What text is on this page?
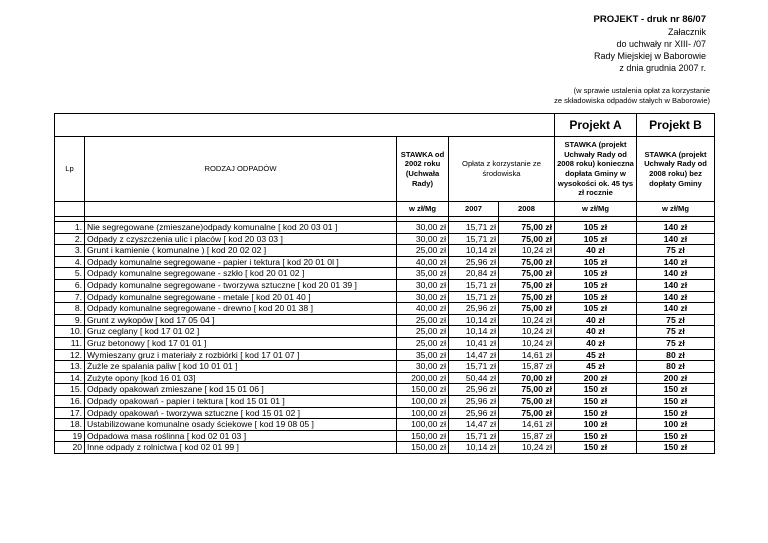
PROJEKT - druk nr 86/07
Załacznik
do uchwały nr XIII- /07
Rady Miejskiej w Baborowie
z dnia grudnia 2007 r.
(w sprawie ustalenia opłat za korzystanie
ze składowiska odpadów stałych w Baborowie)
					Projekt A	Projekt B
Lp	RODZAJ ODPADÓW	STAWKA od 2002 roku (Uchwała Rady)	Opłata z korzystanie ze środowiska		STAWKA (projekt Uchwały Rady od 2008 roku) konieczna dopłata Gminy w wysokości ok. 45 tys zł rocznie	STAWKA (projekt Uchwały Rady od 2008 roku) bez dopłaty Gminy
		w zł/Mg	2007	2008	w zł/Mg	w zł/Mg

1.	Nie segregowane (zmieszane)odpady komunalne [ kod 20 03 01 ]	30,00 zł	15,71 zł	75,00 zł	105 zł	140 zł
2.	Odpady z czyszczenia ulic i placów [ kod 20 03 03 ]	30,00 zł	15,71 zł	75,00 zł	105 zł	140 zł
3.	Grunt i kamienie ( komunalne ) [ kod 20 02 02 ]	25,00 zł	10,14 zł	10,24 zł	40 zł	75 zł
4.	Odpady komunalne segregowane - papier i tektura [ kod 20 01 0l ]	40,00 zł	25,96 zł	75,00 zł	105 zł	140 zł
5.	Odpady komunalne segregowane - szkło [ kod 20 01 02 ]	35,00 zł	20,84 zł	75,00 zł	105 zł	140 zł
6.	Odpady komunalne segregowane - tworzywa sztuczne [ kod 20 01 39 ]	30,00 zł	15,71 zł	75,00 zł	105 zł	140 zł
7.	Odpady komunalne segregowane - metale [ kod 20 01 40 ]	30,00 zł	15,71 zł	75,00 zł	105 zł	140 zł
8.	Odpady komunalne segregowane - drewno [ kod 20 01 38 ]	40,00 zł	25,96 zł	75,00 zł	105 zł	140 zł
9.	Grunt z wykopów [ kod 17 05 04 ]	25,00 zł	10,14 zł	10,24 zł	40 zł	75 zł
10.	Gruz ceglany [ kod 17 01 02 ]	25,00 zł	10,14 zł	10,24 zł	40 zł	75 zł
11.	Gruz betonowy [ kod 17 01 01 ]	25,00 zł	10,41 zł	10,24 zł	40 zł	75 zł
12.	Wymieszany gruz i materiały z rozbiórki [ kod 17 01 07 ]	35,00 zł	14,47 zł	14,61 zł	45 zł	80 zł
13.	Żużle ze spalania paliw [ kod 10 01 01 ]	30,00 zł	15,71 zł	15,87 zł	45 zł	80 zł
14.	Zużyte opony [kod 16 01 03]	200,00 zł	50,44 zł	70,00 zł	200 zł	200 zł
15.	Odpady opakowań zmieszane [ kod 15 01 06 ]	150,00 zł	25,96 zł	75,00 zł	150 zł	150 zł
16.	Odpady opakowań - papier i tektura [ kod 15 01 01 ]	100,00 zł	25,96 zł	75,00 zł	150 zł	150 zł
17.	Odpady opakowań - tworzywa sztuczne [ kod 15 01 02 ]	100,00 zł	25,96 zł	75,00 zł	150 zł	150 zł
18.	Ustabilizowane komunalne osady ściekowe [ kod 19 08 05 ]	100,00 zł	14,47 zł	14,61 zł	100 zł	100 zł
19	Odpadowa masa roślinna [ kod 02 01 03 ]	150,00 zł	15,71 zł	15,87 zł	150 zł	150 zł
20	Inne odpady z rolnictwa [ kod 02 01 99 ]	150,00 zł	10,14 zł	10,24 zł	150 zł	150 zł
